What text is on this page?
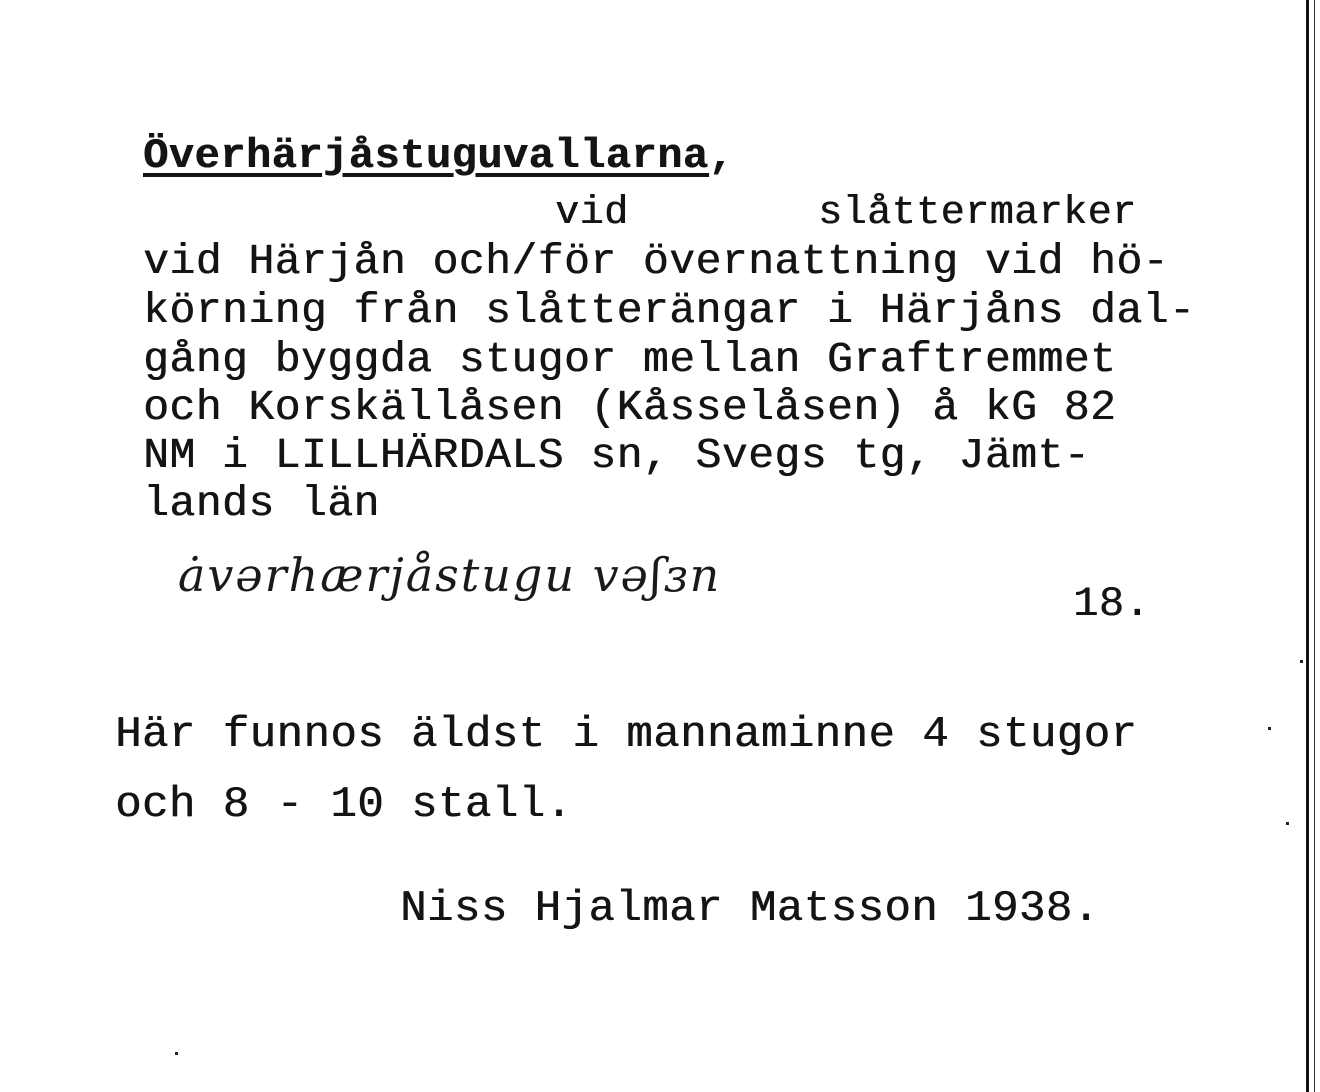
Överhärjåstuguvallarna,
vid	slåttermarker
vid Härjån och/för övernattning vid hö-
körning från slåtterängar i Härjåns dal-
gång byggda stugor mellan Graftremmet
och Korskällåsen (Kåsselåsen) å kG 82
NM i LILLHÄRDALS sn, Svegs tg, Jämt-
lands län
ȧvərhærjåstugu vəʃɜn
18.
Här funnos äldst i mannaminne 4 stugor
och 8 - 10 stall.
Niss Hjalmar Matsson 1938.
